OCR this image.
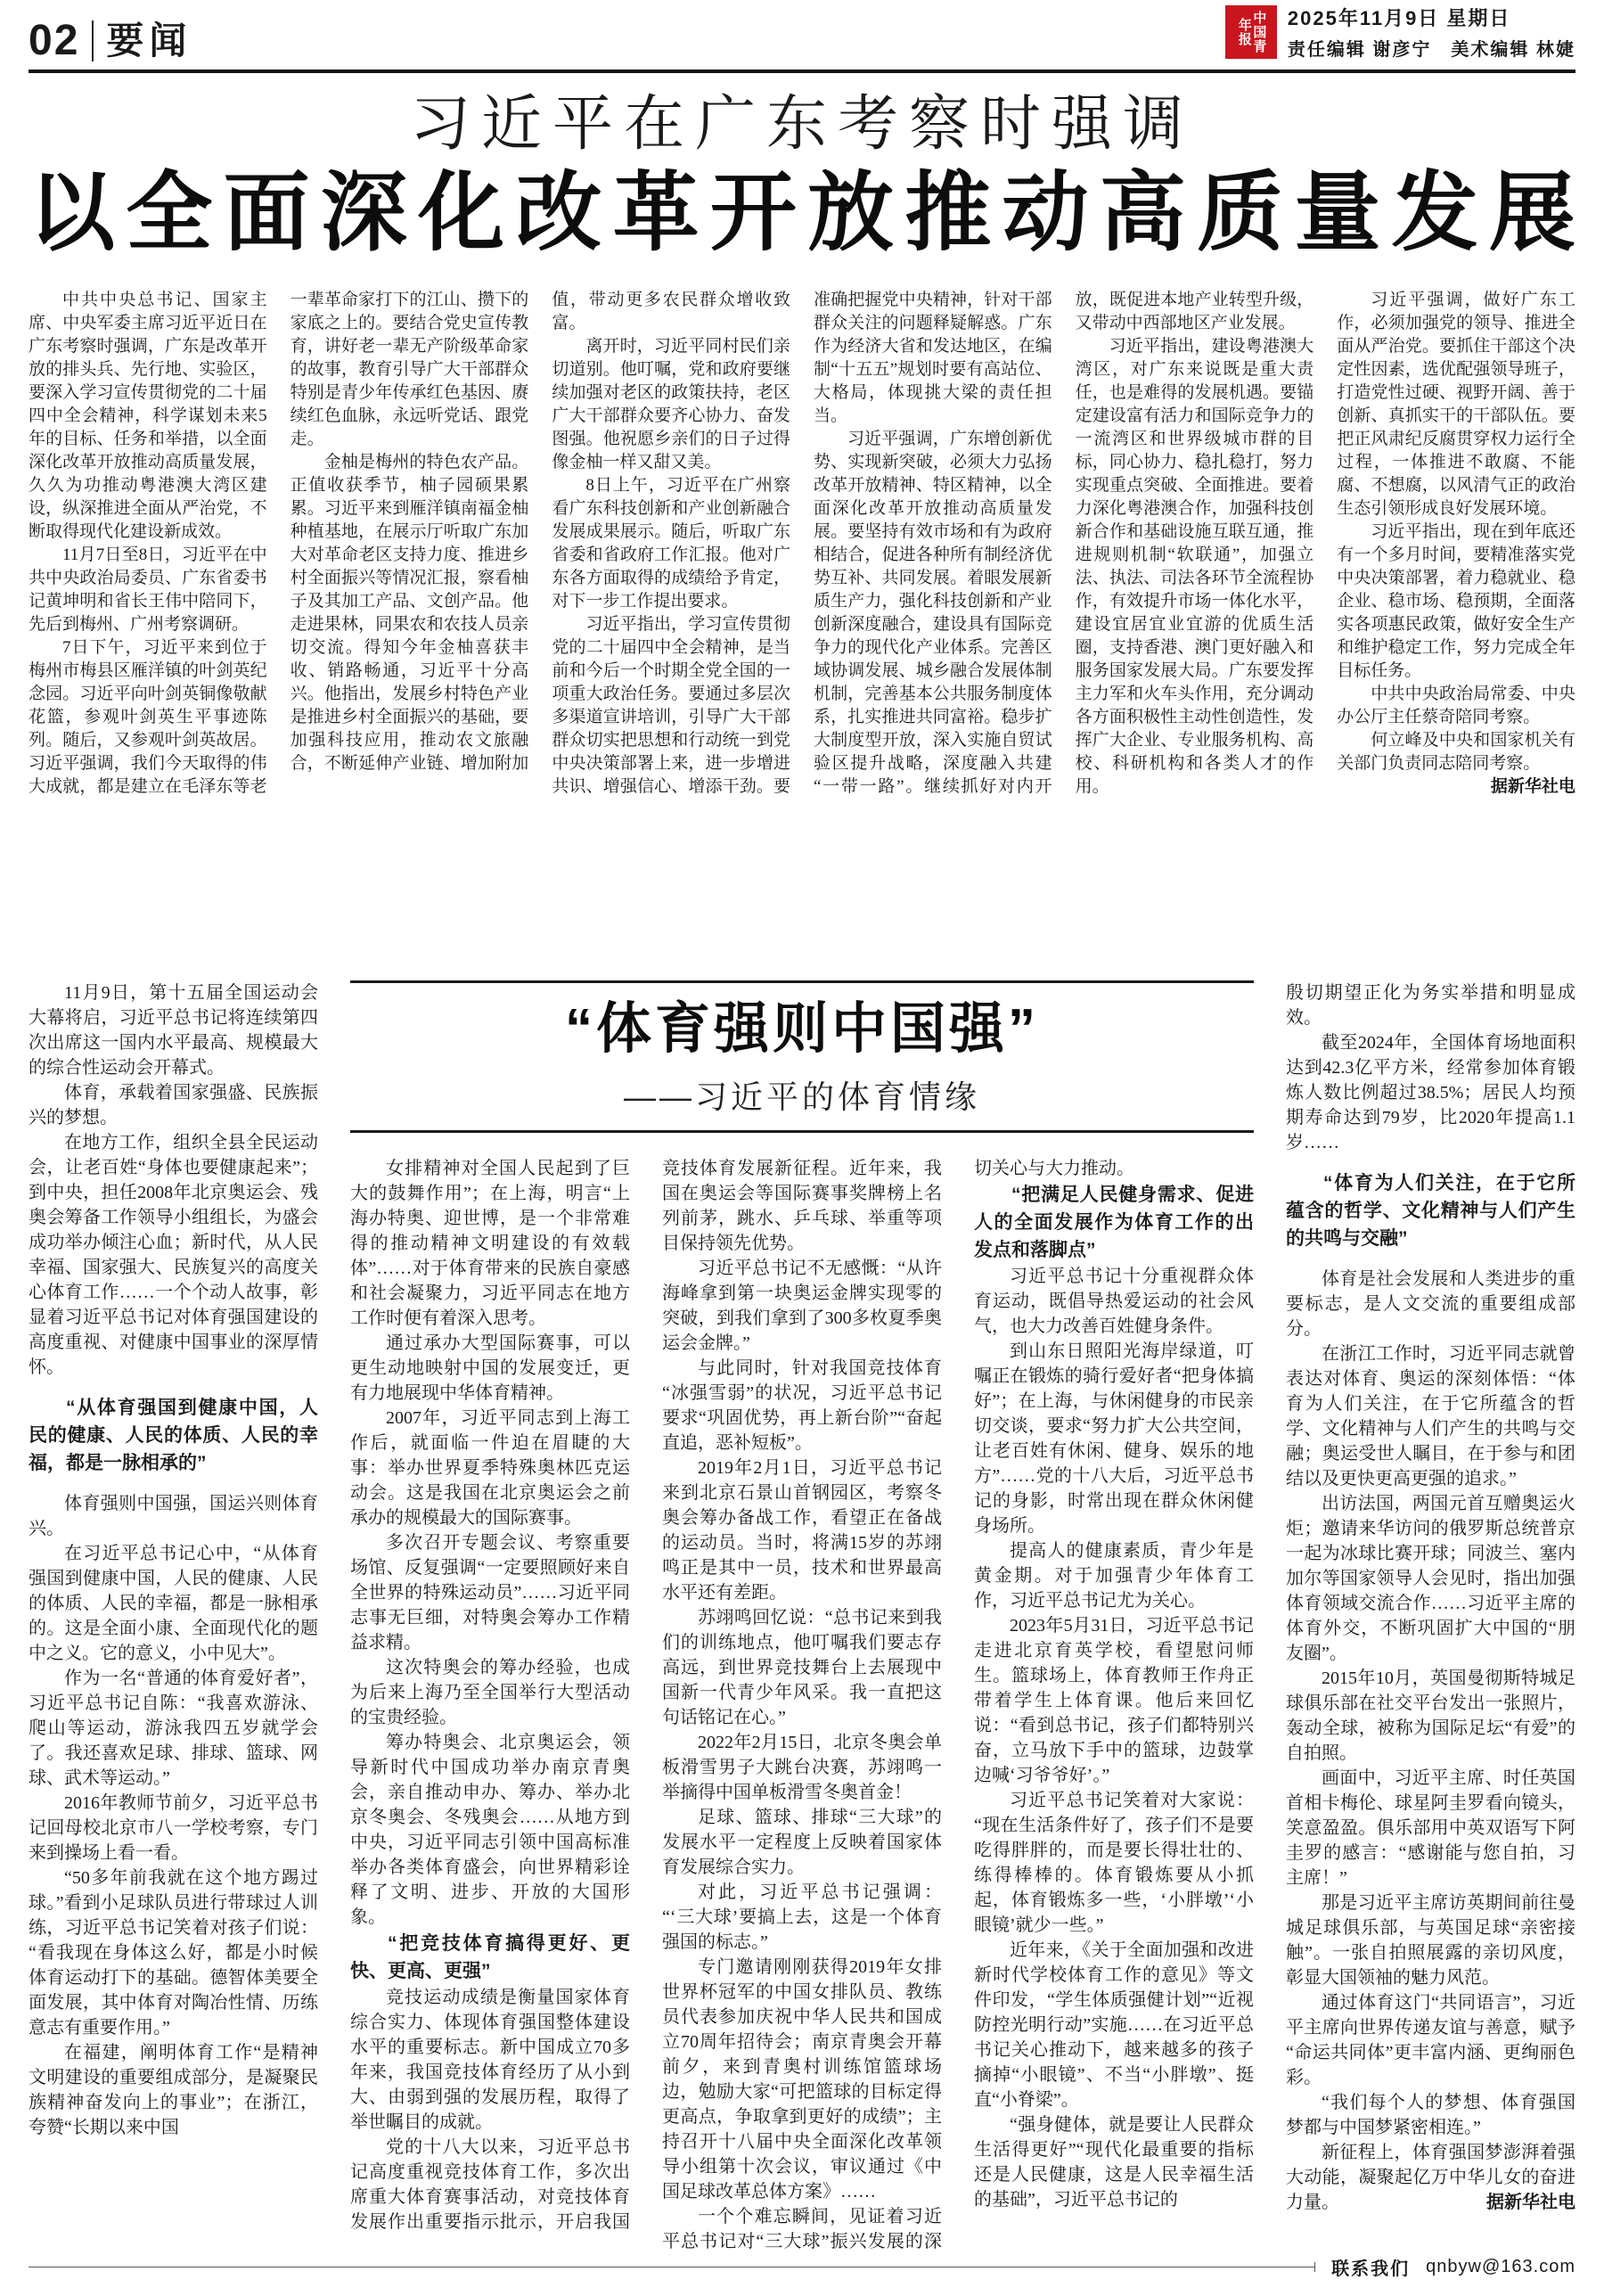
02 要闻	中国青年报	2025年11月9日 星期日
责任编辑 谢彦宁　美术编辑 林婕
习近平在广东考察时强调
以全面深化改革开放推动高质量发展

中共中央总书记、国家主席、中央军委主席习近平近日在广东考察时强调，广东是改革开放的排头兵、先行地、实验区，要深入学习宣传贯彻党的二十届四中全会精神，科学谋划未来5年的目标、任务和举措，以全面深化改革开放推动高质量发展，久久为功推动粤港澳大湾区建设，纵深推进全面从严治党，不断取得现代化建设新成效。

11月7日至8日，习近平在中共中央政治局委员、广东省委书记黄坤明和省长王伟中陪同下，先后到梅州、广州考察调研。

7日下午，习近平来到位于梅州市梅县区雁洋镇的叶剑英纪念园。习近平向叶剑英铜像敬献花篮，参观叶剑英生平事迹陈列。随后，又参观叶剑英故居。习近平强调，我们今天取得的伟大成就，都是建立在毛泽东等老一辈革命家打下的江山、攒下的家底之上的。要结合党史宣传教育，讲好老一辈无产阶级革命家的故事，教育引导广大干部群众特别是青少年传承红色基因、赓续红色血脉，永远听党话、跟党走。

金柚是梅州的特色农产品。正值收获季节，柚子园硕果累累。习近平来到雁洋镇南福金柚种植基地，在展示厅听取广东加大对革命老区支持力度、推进乡村全面振兴等情况汇报，察看柚子及其加工产品、文创产品。他走进果林，同果农和农技人员亲切交流。得知今年金柚喜获丰收、销路畅通，习近平十分高兴。他指出，发展乡村特色产业是推进乡村全面振兴的基础，要加强科技应用，推动农文旅融合，不断延伸产业链、增加附加值，带动更多农民群众增收致富。

离开时，习近平同村民们亲切道别。他叮嘱，党和政府要继续加强对老区的政策扶持，老区广大干部群众要齐心协力、奋发图强。他祝愿乡亲们的日子过得像金柚一样又甜又美。

8日上午，习近平在广州察看广东科技创新和产业创新融合发展成果展示。随后，听取广东省委和省政府工作汇报。他对广东各方面取得的成绩给予肯定，对下一步工作提出要求。

习近平指出，学习宣传贯彻党的二十届四中全会精神，是当前和今后一个时期全党全国的一项重大政治任务。要通过多层次多渠道宣讲培训，引导广大干部群众切实把思想和行动统一到党中央决策部署上来，进一步增进共识、增强信心、增添干劲。要准确把握党中央精神，针对干部群众关注的问题释疑解惑。广东作为经济大省和发达地区，在编制“十五五”规划时要有高站位、大格局，体现挑大梁的责任担当。

习近平强调，广东增创新优势、实现新突破，必须大力弘扬改革开放精神、特区精神，以全面深化改革开放推动高质量发展。要坚持有效市场和有为政府相结合，促进各种所有制经济优势互补、共同发展。着眼发展新质生产力，强化科技创新和产业创新深度融合，建设具有国际竞争力的现代化产业体系。完善区域协调发展、城乡融合发展体制机制，完善基本公共服务制度体系，扎实推进共同富裕。稳步扩大制度型开放，深入实施自贸试验区提升战略，深度融入共建“一带一路”。继续抓好对内开放，既促进本地产业转型升级，又带动中西部地区产业发展。

习近平指出，建设粤港澳大湾区，对广东来说既是重大责任，也是难得的发展机遇。要锚定建设富有活力和国际竞争力的一流湾区和世界级城市群的目标，同心协力、稳扎稳打，努力实现重点突破、全面推进。要着力深化粤港澳合作，加强科技创新合作和基础设施互联互通，推进规则机制“软联通”，加强立法、执法、司法各环节全流程协作，有效提升市场一体化水平，建设宜居宜业宜游的优质生活圈，支持香港、澳门更好融入和服务国家发展大局。广东要发挥主力军和火车头作用，充分调动各方面积极性主动性创造性，发挥广大企业、专业服务机构、高校、科研机构和各类人才的作用。

习近平强调，做好广东工作，必须加强党的领导、推进全面从严治党。要抓住干部这个决定性因素，选优配强领导班子，打造党性过硬、视野开阔、善于创新、真抓实干的干部队伍。要把正风肃纪反腐贯穿权力运行全过程，一体推进不敢腐、不能腐、不想腐，以风清气正的政治生态引领形成良好发展环境。

习近平指出，现在到年底还有一个多月时间，要精准落实党中央决策部署，着力稳就业、稳企业、稳市场、稳预期，全面落实各项惠民政策，做好安全生产和维护稳定工作，努力完成全年目标任务。

中共中央政治局常委、中央办公厅主任蔡奇陪同考察。

何立峰及中央和国家机关有关部门负责同志陪同考察。

据新华社电

11月9日，第十五届全国运动会大幕将启，习近平总书记将连续第四次出席这一国内水平最高、规模最大的综合性运动会开幕式。

体育，承载着国家强盛、民族振兴的梦想。

在地方工作，组织全县全民运动会，让老百姓“身体也要健康起来”；到中央，担任2008年北京奥运会、残奥会筹备工作领导小组组长，为盛会成功举办倾注心血；新时代，从人民幸福、国家强大、民族复兴的高度关心体育工作……一个个动人故事，彰显着习近平总书记对体育强国建设的高度重视、对健康中国事业的深厚情怀。

“从体育强国到健康中国，人民的健康、人民的体质、人民的幸福，都是一脉相承的”

体育强则中国强，国运兴则体育兴。

在习近平总书记心中，“从体育强国到健康中国，人民的健康、人民的体质、人民的幸福，都是一脉相承的。这是全面小康、全面现代化的题中之义。它的意义，小中见大”。

作为一名“普通的体育爱好者”，习近平总书记自陈：“我喜欢游泳、爬山等运动，游泳我四五岁就学会了。我还喜欢足球、排球、篮球、网球、武术等运动。”

2016年教师节前夕，习近平总书记回母校北京市八一学校考察，专门来到操场上看一看。

“50多年前我就在这个地方踢过球。”看到小足球队员进行带球过人训练，习近平总书记笑着对孩子们说：“看我现在身体这么好，都是小时候体育运动打下的基础。德智体美要全面发展，其中体育对陶冶性情、历练意志有重要作用。”

在福建，阐明体育工作“是精神文明建设的重要组成部分，是凝聚民族精神奋发向上的事业”；在浙江，夸赞“长期以来中国

“体育强则中国强”
——习近平的体育情缘

女排精神对全国人民起到了巨大的鼓舞作用”；在上海，明言“上海办特奥、迎世博，是一个非常难得的推动精神文明建设的有效载体”……对于体育带来的民族自豪感和社会凝聚力，习近平同志在地方工作时便有着深入思考。

通过承办大型国际赛事，可以更生动地映射中国的发展变迁，更有力地展现中华体育精神。

2007年，习近平同志到上海工作后，就面临一件迫在眉睫的大事：举办世界夏季特殊奥林匹克运动会。这是我国在北京奥运会之前承办的规模最大的国际赛事。

多次召开专题会议、考察重要场馆、反复强调“一定要照顾好来自全世界的特殊运动员”……习近平同志事无巨细，对特奥会筹办工作精益求精。

这次特奥会的筹办经验，也成为后来上海乃至全国举行大型活动的宝贵经验。

筹办特奥会、北京奥运会，领导新时代中国成功举办南京青奥会，亲自推动申办、筹办、举办北京冬奥会、冬残奥会……从地方到中央，习近平同志引领中国高标准举办各类体育盛会，向世界精彩诠释了文明、进步、开放的大国形象。

“把竞技体育搞得更好、更快、更高、更强”

竞技运动成绩是衡量国家体育综合实力、体现体育强国整体建设水平的重要标志。新中国成立70多年来，我国竞技体育经历了从小到大、由弱到强的发展历程，取得了举世瞩目的成就。

党的十八大以来，习近平总书记高度重视竞技体育工作，多次出席重大体育赛事活动，对竞技体育发展作出重要指示批示，开启我国竞技体育发展新征程。近年来，我国在奥运会等国际赛事奖牌榜上名列前茅，跳水、乒乓球、举重等项目保持领先优势。

习近平总书记不无感慨：“从许海峰拿到第一块奥运金牌实现零的突破，到我们拿到了300多枚夏季奥运会金牌。”

与此同时，针对我国竞技体育“冰强雪弱”的状况，习近平总书记要求“巩固优势，再上新台阶”“奋起直追，恶补短板”。

2019年2月1日，习近平总书记来到北京石景山首钢园区，考察冬奥会筹办备战工作，看望正在备战的运动员。当时，将满15岁的苏翊鸣正是其中一员，技术和世界最高水平还有差距。

苏翊鸣回忆说：“总书记来到我们的训练地点，他叮嘱我们要志存高远，到世界竞技舞台上去展现中国新一代青少年风采。我一直把这句话铭记在心。”

2022年2月15日，北京冬奥会单板滑雪男子大跳台决赛，苏翊鸣一举摘得中国单板滑雪冬奥首金！

足球、篮球、排球“三大球”的发展水平一定程度上反映着国家体育发展综合实力。

对此，习近平总书记强调：“‘三大球’要搞上去，这是一个体育强国的标志。”

专门邀请刚刚获得2019年女排世界杯冠军的中国女排队员、教练员代表参加庆祝中华人民共和国成立70周年招待会；南京青奥会开幕前夕，来到青奥村训练馆篮球场边，勉励大家“可把篮球的目标定得更高点，争取拿到更好的成绩”；主持召开十八届中央全面深化改革领导小组第十次会议，审议通过《中国足球改革总体方案》……

一个个难忘瞬间，见证着习近平总书记对“三大球”振兴发展的深切关心与大力推动。

“把满足人民健身需求、促进人的全面发展作为体育工作的出发点和落脚点”

习近平总书记十分重视群众体育运动，既倡导热爱运动的社会风气，也大力改善百姓健身条件。

到山东日照阳光海岸绿道，叮嘱正在锻炼的骑行爱好者“把身体搞好”；在上海，与休闲健身的市民亲切交谈，要求“努力扩大公共空间，让老百姓有休闲、健身、娱乐的地方”……党的十八大后，习近平总书记的身影，时常出现在群众休闲健身场所。

提高人的健康素质，青少年是黄金期。对于加强青少年体育工作，习近平总书记尤为关心。

2023年5月31日，习近平总书记走进北京育英学校，看望慰问师生。篮球场上，体育教师王作舟正带着学生上体育课。他后来回忆说：“看到总书记，孩子们都特别兴奋，立马放下手中的篮球，边鼓掌边喊‘习爷爷好’。”

习近平总书记笑着对大家说：“现在生活条件好了，孩子们不是要吃得胖胖的，而是要长得壮壮的、练得棒棒的。体育锻炼要从小抓起，体育锻炼多一些，‘小胖墩’‘小眼镜’就少一些。”

近年来，《关于全面加强和改进新时代学校体育工作的意见》等文件印发，“学生体质强健计划”“近视防控光明行动”实施……在习近平总书记关心推动下，越来越多的孩子摘掉“小眼镜”、不当“小胖墩”、挺直“小脊梁”。

“强身健体，就是要让人民群众生活得更好”“现代化最重要的指标还是人民健康，这是人民幸福生活的基础”，习近平总书记的

殷切期望正化为务实举措和明显成效。

截至2024年，全国体育场地面积达到42.3亿平方米，经常参加体育锻炼人数比例超过38.5%；居民人均预期寿命达到79岁，比2020年提高1.1岁……

“体育为人们关注，在于它所蕴含的哲学、文化精神与人们产生的共鸣与交融”

体育是社会发展和人类进步的重要标志，是人文交流的重要组成部分。

在浙江工作时，习近平同志就曾表达对体育、奥运的深刻体悟：“体育为人们关注，在于它所蕴含的哲学、文化精神与人们产生的共鸣与交融；奥运受世人瞩目，在于参与和团结以及更快更高更强的追求。”

出访法国，两国元首互赠奥运火炬；邀请来华访问的俄罗斯总统普京一起为冰球比赛开球；同波兰、塞内加尔等国家领导人会见时，指出加强体育领域交流合作……习近平主席的体育外交，不断巩固扩大中国的“朋友圈”。

2015年10月，英国曼彻斯特城足球俱乐部在社交平台发出一张照片，轰动全球，被称为国际足坛“有爱”的自拍照。

画面中，习近平主席、时任英国首相卡梅伦、球星阿圭罗看向镜头，笑意盈盈。俱乐部用中英双语写下阿圭罗的感言：“感谢能与您自拍，习主席！”

那是习近平主席访英期间前往曼城足球俱乐部，与英国足球“亲密接触”。一张自拍照展露的亲切风度，彰显大国领袖的魅力风范。

通过体育这门“共同语言”，习近平主席向世界传递友谊与善意，赋予“命运共同体”更丰富内涵、更绚丽色彩。

“我们每个人的梦想、体育强国梦都与中国梦紧密相连。”

新征程上，体育强国梦澎湃着强大动能，凝聚起亿万中华儿女的奋进力量。	据新华社电

联系我们 qnbyw@163.com
